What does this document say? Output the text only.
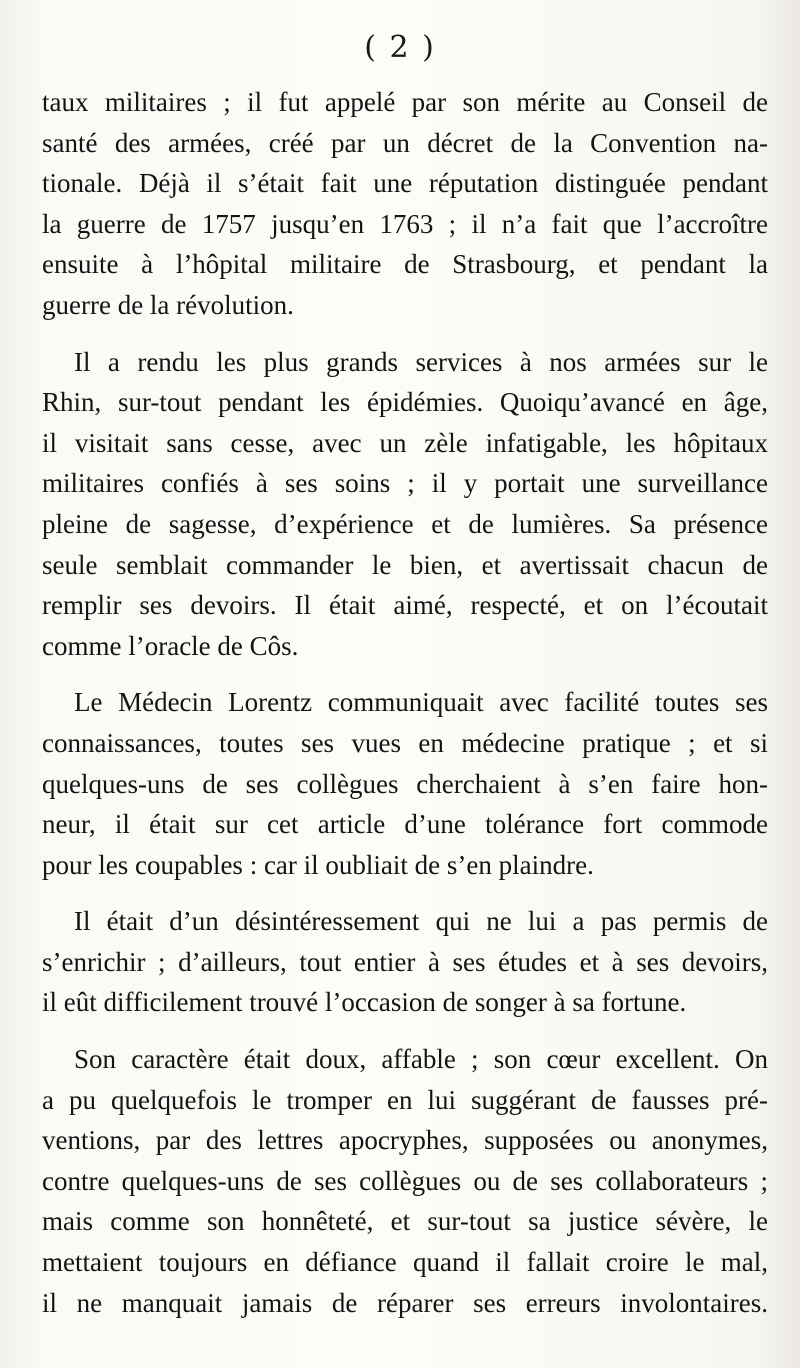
( 2 )
taux militaires ; il fut appelé par son mérite au Conseil de
santé des armées, créé par un décret de la Convention na-
tionale. Déjà il s’était fait une réputation distinguée pendant
la guerre de 1757 jusqu’en 1763 ; il n’a fait que l’accroître
ensuite à l’hôpital militaire de Strasbourg, et pendant la
guerre de la révolution.
Il a rendu les plus grands services à nos armées sur le
Rhin, sur-tout pendant les épidémies. Quoiqu’avancé en âge,
il visitait sans cesse, avec un zèle infatigable, les hôpitaux
militaires confiés à ses soins ; il y portait une surveillance
pleine de sagesse, d’expérience et de lumières. Sa présence
seule semblait commander le bien, et avertissait chacun de
remplir ses devoirs. Il était aimé, respecté, et on l’écoutait
comme l’oracle de Côs.
Le Médecin Lorentz communiquait avec facilité toutes ses
connaissances, toutes ses vues en médecine pratique ; et si
quelques-uns de ses collègues cherchaient à s’en faire hon-
neur, il était sur cet article d’une tolérance fort commode
pour les coupables : car il oubliait de s’en plaindre.
Il était d’un désintéressement qui ne lui a pas permis de
s’enrichir ; d’ailleurs, tout entier à ses études et à ses devoirs,
il eût difficilement trouvé l’occasion de songer à sa fortune.
Son caractère était doux, affable ; son cœur excellent. On
a pu quelquefois le tromper en lui suggérant de fausses pré-
ventions, par des lettres apocryphes, supposées ou anonymes,
contre quelques-uns de ses collègues ou de ses collaborateurs ;
mais comme son honnêteté, et sur-tout sa justice sévère, le
mettaient toujours en défiance quand il fallait croire le mal,
il ne manquait jamais de réparer ses erreurs involontaires.
